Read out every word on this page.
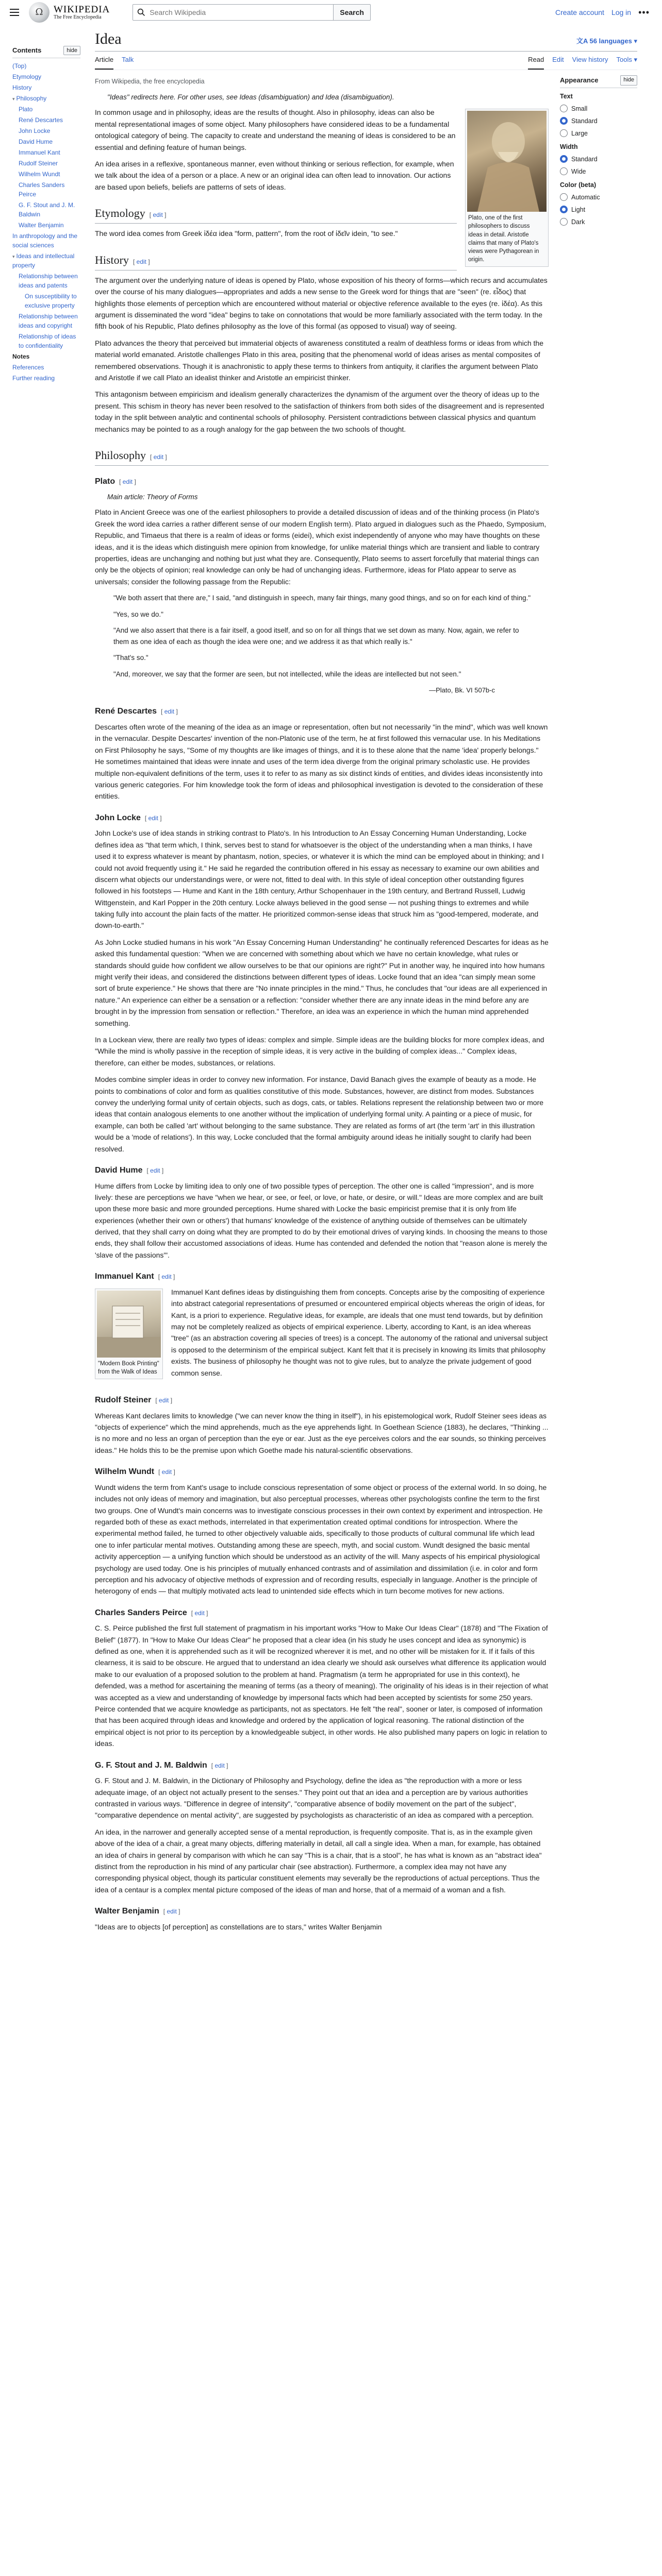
Ω	WIKIPEDIA
The Free Encyclopedia
Search Wikipedia
Search	Create account Log in •••
Contents	hide
(Top)
Etymology
History
▾ Philosophy
Plato
René Descartes
John Locke
David Hume
Immanuel Kant
Rudolf Steiner
Wilhelm Wundt
Charles Sanders Peirce
G. F. Stout and J. M. Baldwin
Walter Benjamin
In anthropology and the social sciences
▾ Ideas and intellectual property
Relationship between ideas and patents
On susceptibility to exclusive property
Relationship between ideas and copyright
Relationship of ideas to confidentiality
Notes
References
Further reading
Idea	文A 56 languages ▾
Article Talk	Read Edit View history Tools ▾
From Wikipedia, the free encyclopedia
"Ideas" redirects here. For other uses, see Ideas (disambiguation) and Idea (disambiguation).
Plato, one of the first philosophers to discuss ideas in detail. Aristotle claims that many of Plato's views were Pythagorean in origin.

In common usage and in philosophy, ideas are the results of thought. Also in philosophy, ideas can also be mental representational images of some object. Many philosophers have considered ideas to be a fundamental ontological category of being. The capacity to create and understand the meaning of ideas is considered to be an essential and defining feature of human beings.

An idea arises in a reflexive, spontaneous manner, even without thinking or serious reflection, for example, when we talk about the idea of a person or a place. A new or an original idea can often lead to innovation. Our actions are based upon beliefs, beliefs are patterns of sets of ideas.

Etymology [ edit ]

The word idea comes from Greek ἰδέα idea "form, pattern", from the root of ἰδεῖν idein, "to see."

History [ edit ]

The argument over the underlying nature of ideas is opened by Plato, whose exposition of his theory of forms—which recurs and accumulates over the course of his many dialogues—appropriates and adds a new sense to the Greek word for things that are "seen" (re. εἶδος) that highlights those elements of perception which are encountered without material or objective reference available to the eyes (re. ἰδέα). As this argument is disseminated the word "idea" begins to take on connotations that would be more familiarly associated with the term today. In the fifth book of his Republic, Plato defines philosophy as the love of this formal (as opposed to visual) way of seeing.

Plato advances the theory that perceived but immaterial objects of awareness constituted a realm of deathless forms or ideas from which the material world emanated. Aristotle challenges Plato in this area, positing that the phenomenal world of ideas arises as mental composites of remembered observations. Though it is anachronistic to apply these terms to thinkers from antiquity, it clarifies the argument between Plato and Aristotle if we call Plato an idealist thinker and Aristotle an empiricist thinker.

This antagonism between empiricism and idealism generally characterizes the dynamism of the argument over the theory of ideas up to the present. This schism in theory has never been resolved to the satisfaction of thinkers from both sides of the disagreement and is represented today in the split between analytic and continental schools of philosophy. Persistent contradictions between classical physics and quantum mechanics may be pointed to as a rough analogy for the gap between the two schools of thought.

Philosophy [ edit ]
Plato [ edit ]
Main article: Theory of Forms

Plato in Ancient Greece was one of the earliest philosophers to provide a detailed discussion of ideas and of the thinking process (in Plato's Greek the word idea carries a rather different sense of our modern English term). Plato argued in dialogues such as the Phaedo, Symposium, Republic, and Timaeus that there is a realm of ideas or forms (eidei), which exist independently of anyone who may have thoughts on these ideas, and it is the ideas which distinguish mere opinion from knowledge, for unlike material things which are transient and liable to contrary properties, ideas are unchanging and nothing but just what they are. Consequently, Plato seems to assert forcefully that material things can only be the objects of opinion; real knowledge can only be had of unchanging ideas. Furthermore, ideas for Plato appear to serve as universals; consider the following passage from the Republic:

"We both assert that there are," I said, "and distinguish in speech, many fair things, many good things, and so on for each kind of thing."

"Yes, so we do."

"And we also assert that there is a fair itself, a good itself, and so on for all things that we set down as many. Now, again, we refer to them as one idea of each as though the idea were one; and we address it as that which really is."

"That's so."

"And, moreover, we say that the former are seen, but not intellected, while the ideas are intellected but not seen."

—Plato, Bk. VI 507b-c
René Descartes [ edit ]

Descartes often wrote of the meaning of the idea as an image or representation, often but not necessarily "in the mind", which was well known in the vernacular. Despite Descartes' invention of the non-Platonic use of the term, he at first followed this vernacular use. In his Meditations on First Philosophy he says, "Some of my thoughts are like images of things, and it is to these alone that the name 'idea' properly belongs." He sometimes maintained that ideas were innate and uses of the term idea diverge from the original primary scholastic use. He provides multiple non-equivalent definitions of the term, uses it to refer to as many as six distinct kinds of entities, and divides ideas inconsistently into various generic categories. For him knowledge took the form of ideas and philosophical investigation is devoted to the consideration of these entities.

John Locke [ edit ]

John Locke's use of idea stands in striking contrast to Plato's. In his Introduction to An Essay Concerning Human Understanding, Locke defines idea as "that term which, I think, serves best to stand for whatsoever is the object of the understanding when a man thinks, I have used it to express whatever is meant by phantasm, notion, species, or whatever it is which the mind can be employed about in thinking; and I could not avoid frequently using it." He said he regarded the contribution offered in his essay as necessary to examine our own abilities and discern what objects our understandings were, or were not, fitted to deal with. In this style of ideal conception other outstanding figures followed in his footsteps — Hume and Kant in the 18th century, Arthur Schopenhauer in the 19th century, and Bertrand Russell, Ludwig Wittgenstein, and Karl Popper in the 20th century. Locke always believed in the good sense — not pushing things to extremes and while taking fully into account the plain facts of the matter. He prioritized common-sense ideas that struck him as "good-tempered, moderate, and down-to-earth."

As John Locke studied humans in his work "An Essay Concerning Human Understanding" he continually referenced Descartes for ideas as he asked this fundamental question: "When we are concerned with something about which we have no certain knowledge, what rules or standards should guide how confident we allow ourselves to be that our opinions are right?" Put in another way, he inquired into how humans might verify their ideas, and considered the distinctions between different types of ideas. Locke found that an idea "can simply mean some sort of brute experience." He shows that there are "No innate principles in the mind." Thus, he concludes that "our ideas are all experienced in nature." An experience can either be a sensation or a reflection: "consider whether there are any innate ideas in the mind before any are brought in by the impression from sensation or reflection." Therefore, an idea was an experience in which the human mind apprehended something.

In a Lockean view, there are really two types of ideas: complex and simple. Simple ideas are the building blocks for more complex ideas, and "While the mind is wholly passive in the reception of simple ideas, it is very active in the building of complex ideas..." Complex ideas, therefore, can either be modes, substances, or relations.

Modes combine simpler ideas in order to convey new information. For instance, David Banach gives the example of beauty as a mode. He points to combinations of color and form as qualities constitutive of this mode. Substances, however, are distinct from modes. Substances convey the underlying formal unity of certain objects, such as dogs, cats, or tables. Relations represent the relationship between two or more ideas that contain analogous elements to one another without the implication of underlying formal unity. A painting or a piece of music, for example, can both be called 'art' without belonging to the same substance. They are related as forms of art (the term 'art' in this illustration would be a 'mode of relations'). In this way, Locke concluded that the formal ambiguity around ideas he initially sought to clarify had been resolved.

David Hume [ edit ]

Hume differs from Locke by limiting idea to only one of two possible types of perception. The other one is called "impression", and is more lively: these are perceptions we have "when we hear, or see, or feel, or love, or hate, or desire, or will." Ideas are more complex and are built upon these more basic and more grounded perceptions. Hume shared with Locke the basic empiricist premise that it is only from life experiences (whether their own or others') that humans' knowledge of the existence of anything outside of themselves can be ultimately derived, that they shall carry on doing what they are prompted to do by their emotional drives of varying kinds. In choosing the means to those ends, they shall follow their accustomed associations of ideas. Hume has contended and defended the notion that "reason alone is merely the 'slave of the passions'".

Immanuel Kant [ edit ]
"Modern Book Printing" from the Walk of Ideas

Immanuel Kant defines ideas by distinguishing them from concepts. Concepts arise by the compositing of experience into abstract categorial representations of presumed or encountered empirical objects whereas the origin of ideas, for Kant, is a priori to experience. Regulative ideas, for example, are ideals that one must tend towards, but by definition may not be completely realized as objects of empirical experience. Liberty, according to Kant, is an idea whereas "tree" (as an abstraction covering all species of trees) is a concept. The autonomy of the rational and universal subject is opposed to the determinism of the empirical subject. Kant felt that it is precisely in knowing its limits that philosophy exists. The business of philosophy he thought was not to give rules, but to analyze the private judgement of good common sense.

Rudolf Steiner [ edit ]

Whereas Kant declares limits to knowledge ("we can never know the thing in itself"), in his epistemological work, Rudolf Steiner sees ideas as "objects of experience" which the mind apprehends, much as the eye apprehends light. In Goethean Science (1883), he declares, "Thinking ... is no more and no less an organ of perception than the eye or ear. Just as the eye perceives colors and the ear sounds, so thinking perceives ideas." He holds this to be the premise upon which Goethe made his natural-scientific observations.

Wilhelm Wundt [ edit ]

Wundt widens the term from Kant's usage to include conscious representation of some object or process of the external world. In so doing, he includes not only ideas of memory and imagination, but also perceptual processes, whereas other psychologists confine the term to the first two groups. One of Wundt's main concerns was to investigate conscious processes in their own context by experiment and introspection. He regarded both of these as exact methods, interrelated in that experimentation created optimal conditions for introspection. Where the experimental method failed, he turned to other objectively valuable aids, specifically to those products of cultural communal life which lead one to infer particular mental motives. Outstanding among these are speech, myth, and social custom. Wundt designed the basic mental activity apperception — a unifying function which should be understood as an activity of the will. Many aspects of his empirical physiological psychology are used today. One is his principles of mutually enhanced contrasts and of assimilation and dissimilation (i.e. in color and form perception and his advocacy of objective methods of expression and of recording results, especially in language. Another is the principle of heterogony of ends — that multiply motivated acts lead to unintended side effects which in turn become motives for new actions.

Charles Sanders Peirce [ edit ]

C. S. Peirce published the first full statement of pragmatism in his important works "How to Make Our Ideas Clear" (1878) and "The Fixation of Belief" (1877). In "How to Make Our Ideas Clear" he proposed that a clear idea (in his study he uses concept and idea as synonymic) is defined as one, when it is apprehended such as it will be recognized wherever it is met, and no other will be mistaken for it. If it fails of this clearness, it is said to be obscure. He argued that to understand an idea clearly we should ask ourselves what difference its application would make to our evaluation of a proposed solution to the problem at hand. Pragmatism (a term he appropriated for use in this context), he defended, was a method for ascertaining the meaning of terms (as a theory of meaning). The originality of his ideas is in their rejection of what was accepted as a view and understanding of knowledge by impersonal facts which had been accepted by scientists for some 250 years. Peirce contended that we acquire knowledge as participants, not as spectators. He felt "the real", sooner or later, is composed of information that has been acquired through ideas and knowledge and ordered by the application of logical reasoning. The rational distinction of the empirical object is not prior to its perception by a knowledgeable subject, in other words. He also published many papers on logic in relation to ideas.

G. F. Stout and J. M. Baldwin [ edit ]

G. F. Stout and J. M. Baldwin, in the Dictionary of Philosophy and Psychology, define the idea as "the reproduction with a more or less adequate image, of an object not actually present to the senses." They point out that an idea and a perception are by various authorities contrasted in various ways. "Difference in degree of intensity", "comparative absence of bodily movement on the part of the subject", "comparative dependence on mental activity", are suggested by psychologists as characteristic of an idea as compared with a perception.

An idea, in the narrower and generally accepted sense of a mental reproduction, is frequently composite. That is, as in the example given above of the idea of a chair, a great many objects, differing materially in detail, all call a single idea. When a man, for example, has obtained an idea of chairs in general by comparison with which he can say "This is a chair, that is a stool", he has what is known as an "abstract idea" distinct from the reproduction in his mind of any particular chair (see abstraction). Furthermore, a complex idea may not have any corresponding physical object, though its particular constituent elements may severally be the reproductions of actual perceptions. Thus the idea of a centaur is a complex mental picture composed of the ideas of man and horse, that of a mermaid of a woman and a fish.

Walter Benjamin [ edit ]

"Ideas are to objects [of perception] as constellations are to stars," writes Walter Benjamin

Appearance	hide
Text
Small
Standard
Large
Width
Standard
Wide
Color (beta)
Automatic
Light
Dark
